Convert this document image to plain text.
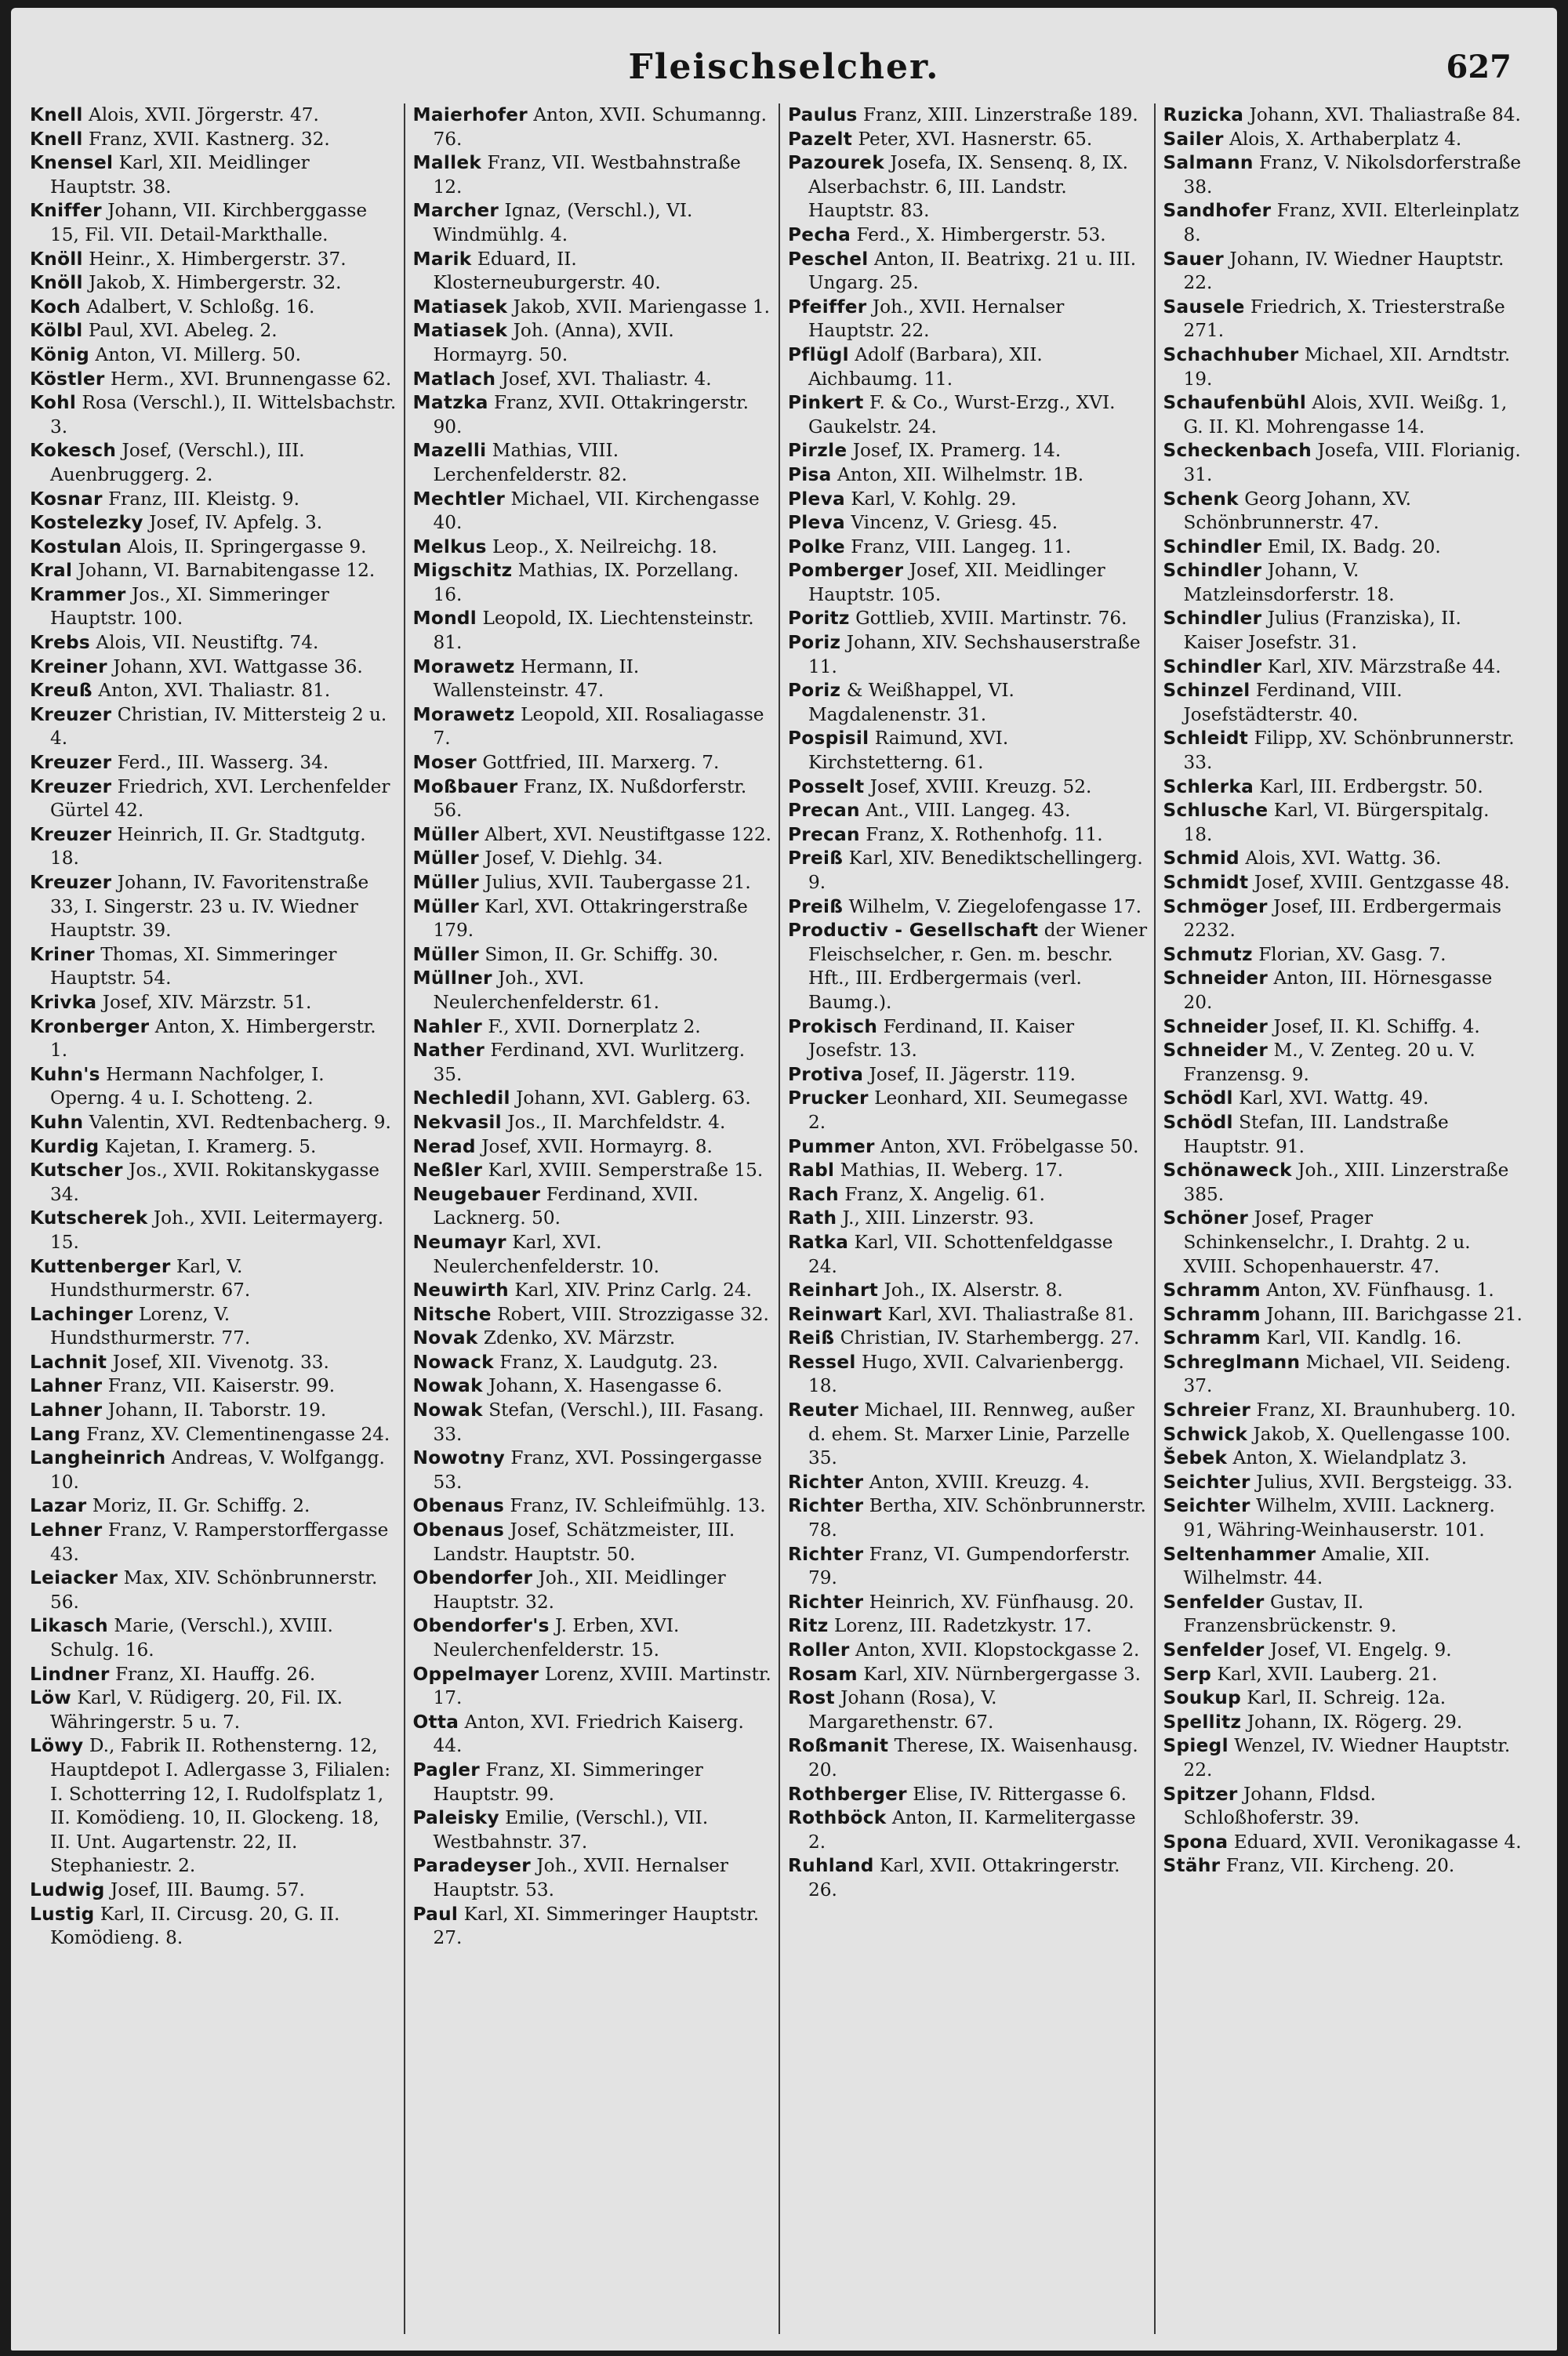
Fleischselcher.	627

Knell Alois, XVII. Jörgerstr. 47.

Knell Franz, XVII. Kastnerg. 32.

Knensel Karl, XII. Meidlinger Hauptstr. 38.

Kniffer Johann, VII. Kirchberggasse 15, Fil. VII. Detail-Markthalle.

Knöll Heinr., X. Himbergerstr. 37.

Knöll Jakob, X. Himbergerstr. 32.

Koch Adalbert, V. Schloßg. 16.

Kölbl Paul, XVI. Abeleg. 2.

König Anton, VI. Millerg. 50.

Köstler Herm., XVI. Brunnengasse 62.

Kohl Rosa (Verschl.), II. Wittelsbachstr. 3.

Kokesch Josef, (Verschl.), III. Auenbruggerg. 2.

Kosnar Franz, III. Kleistg. 9.

Kostelezky Josef, IV. Apfelg. 3.

Kostulan Alois, II. Springergasse 9.

Kral Johann, VI. Barnabitengasse 12.

Krammer Jos., XI. Simmeringer Hauptstr. 100.

Krebs Alois, VII. Neustiftg. 74.

Kreiner Johann, XVI. Wattgasse 36.

Kreuß Anton, XVI. Thaliastr. 81.

Kreuzer Christian, IV. Mittersteig 2 u. 4.

Kreuzer Ferd., III. Wasserg. 34.

Kreuzer Friedrich, XVI. Lerchenfelder Gürtel 42.

Kreuzer Heinrich, II. Gr. Stadtgutg. 18.

Kreuzer Johann, IV. Favoritenstraße 33, I. Singerstr. 23 u. IV. Wiedner Hauptstr. 39.

Kriner Thomas, XI. Simmeringer Hauptstr. 54.

Krivka Josef, XIV. Märzstr. 51.

Kronberger Anton, X. Himbergerstr. 1.

Kuhn's Hermann Nachfolger, I. Operng. 4 u. I. Schotteng. 2.

Kuhn Valentin, XVI. Redtenbacherg. 9.

Kurdig Kajetan, I. Kramerg. 5.

Kutscher Jos., XVII. Rokitanskygasse 34.

Kutscherek Joh., XVII. Leitermayerg. 15.

Kuttenberger Karl, V. Hundsthurmerstr. 67.

Lachinger Lorenz, V. Hundsthurmerstr. 77.

Lachnit Josef, XII. Vivenotg. 33.

Lahner Franz, VII. Kaiserstr. 99.

Lahner Johann, II. Taborstr. 19.

Lang Franz, XV. Clementinengasse 24.

Langheinrich Andreas, V. Wolfgangg. 10.

Lazar Moriz, II. Gr. Schiffg. 2.

Lehner Franz, V. Ramperstorffergasse 43.

Leiacker Max, XIV. Schönbrunnerstr. 56.

Likasch Marie, (Verschl.), XVIII. Schulg. 16.

Lindner Franz, XI. Hauffg. 26.

Löw Karl, V. Rüdigerg. 20, Fil. IX. Währingerstr. 5 u. 7.

Löwy D., Fabrik II. Rothensterng. 12, Hauptdepot I. Adlergasse 3, Filialen: I. Schotterring 12, I. Rudolfsplatz 1, II. Komödieng. 10, II. Glockeng. 18, II. Unt. Augartenstr. 22, II. Stephaniestr. 2.

Ludwig Josef, III. Baumg. 57.

Lustig Karl, II. Circusg. 20, G. II. Komödieng. 8.

Maierhofer Anton, XVII. Schumanng. 76.

Mallek Franz, VII. Westbahnstraße 12.

Marcher Ignaz, (Verschl.), VI. Windmühlg. 4.

Marik Eduard, II. Klosterneuburgerstr. 40.

Matiasek Jakob, XVII. Mariengasse 1.

Matiasek Joh. (Anna), XVII. Hormayrg. 50.

Matlach Josef, XVI. Thaliastr. 4.

Matzka Franz, XVII. Ottakringerstr. 90.

Mazelli Mathias, VIII. Lerchenfelderstr. 82.

Mechtler Michael, VII. Kirchengasse 40.

Melkus Leop., X. Neilreichg. 18.

Migschitz Mathias, IX. Porzellang. 16.

Mondl Leopold, IX. Liechtensteinstr. 81.

Morawetz Hermann, II. Wallensteinstr. 47.

Morawetz Leopold, XII. Rosaliagasse 7.

Moser Gottfried, III. Marxerg. 7.

Moßbauer Franz, IX. Nußdorferstr. 56.

Müller Albert, XVI. Neustiftgasse 122.

Müller Josef, V. Diehlg. 34.

Müller Julius, XVII. Taubergasse 21.

Müller Karl, XVI. Ottakringerstraße 179.

Müller Simon, II. Gr. Schiffg. 30.

Müllner Joh., XVI. Neulerchenfelderstr. 61.

Nahler F., XVII. Dornerplatz 2.

Nather Ferdinand, XVI. Wurlitzerg. 35.

Nechledil Johann, XVI. Gablerg. 63.

Nekvasil Jos., II. Marchfeldstr. 4.

Nerad Josef, XVII. Hormayrg. 8.

Neßler Karl, XVIII. Semperstraße 15.

Neugebauer Ferdinand, XVII. Lacknerg. 50.

Neumayr Karl, XVI. Neulerchenfelderstr. 10.

Neuwirth Karl, XIV. Prinz Carlg. 24.

Nitsche Robert, VIII. Strozzigasse 32.

Novak Zdenko, XV. Märzstr.

Nowack Franz, X. Laudgutg. 23.

Nowak Johann, X. Hasengasse 6.

Nowak Stefan, (Verschl.), III. Fasang. 33.

Nowotny Franz, XVI. Possingergasse 53.

Obenaus Franz, IV. Schleifmühlg. 13.

Obenaus Josef, Schätzmeister, III. Landstr. Hauptstr. 50.

Obendorfer Joh., XII. Meidlinger Hauptstr. 32.

Obendorfer's J. Erben, XVI. Neulerchenfelderstr. 15.

Oppelmayer Lorenz, XVIII. Martinstr. 17.

Otta Anton, XVI. Friedrich Kaiserg. 44.

Pagler Franz, XI. Simmeringer Hauptstr. 99.

Paleisky Emilie, (Verschl.), VII. Westbahnstr. 37.

Paradeyser Joh., XVII. Hernalser Hauptstr. 53.

Paul Karl, XI. Simmeringer Hauptstr. 27.

Paulus Franz, XIII. Linzerstraße 189.

Pazelt Peter, XVI. Hasnerstr. 65.

Pazourek Josefa, IX. Sensenq. 8, IX. Alserbachstr. 6, III. Landstr. Hauptstr. 83.

Pecha Ferd., X. Himbergerstr. 53.

Peschel Anton, II. Beatrixg. 21 u. III. Ungarg. 25.

Pfeiffer Joh., XVII. Hernalser Hauptstr. 22.

Pflügl Adolf (Barbara), XII. Aichbaumg. 11.

Pinkert F. & Co., Wurst-Erzg., XVI. Gaukelstr. 24.

Pirzle Josef, IX. Pramerg. 14.

Pisa Anton, XII. Wilhelmstr. 1B.

Pleva Karl, V. Kohlg. 29.

Pleva Vincenz, V. Griesg. 45.

Polke Franz, VIII. Langeg. 11.

Pomberger Josef, XII. Meidlinger Hauptstr. 105.

Poritz Gottlieb, XVIII. Martinstr. 76.

Poriz Johann, XIV. Sechshauserstraße 11.

Poriz & Weißhappel, VI. Magdalenenstr. 31.

Pospisil Raimund, XVI. Kirchstetterng. 61.

Posselt Josef, XVIII. Kreuzg. 52.

Precan Ant., VIII. Langeg. 43.

Precan Franz, X. Rothenhofg. 11.

Preiß Karl, XIV. Benediktschellingerg. 9.

Preiß Wilhelm, V. Ziegelofengasse 17.

Productiv - Gesellschaft der Wiener Fleischselcher, r. Gen. m. beschr. Hft., III. Erdbergermais (verl. Baumg.).

Prokisch Ferdinand, II. Kaiser Josefstr. 13.

Protiva Josef, II. Jägerstr. 119.

Prucker Leonhard, XII. Seumegasse 2.

Pummer Anton, XVI. Fröbelgasse 50.

Rabl Mathias, II. Weberg. 17.

Rach Franz, X. Angelig. 61.

Rath J., XIII. Linzerstr. 93.

Ratka Karl, VII. Schottenfeldgasse 24.

Reinhart Joh., IX. Alserstr. 8.

Reinwart Karl, XVI. Thaliastraße 81.

Reiß Christian, IV. Starhembergg. 27.

Ressel Hugo, XVII. Calvarienbergg. 18.

Reuter Michael, III. Rennweg, außer d. ehem. St. Marxer Linie, Parzelle 35.

Richter Anton, XVIII. Kreuzg. 4.

Richter Bertha, XIV. Schönbrunnerstr. 78.

Richter Franz, VI. Gumpendorferstr. 79.

Richter Heinrich, XV. Fünfhausg. 20.

Ritz Lorenz, III. Radetzkystr. 17.

Roller Anton, XVII. Klopstockgasse 2.

Rosam Karl, XIV. Nürnbergergasse 3.

Rost Johann (Rosa), V. Margarethenstr. 67.

Roßmanit Therese, IX. Waisenhausg. 20.

Rothberger Elise, IV. Rittergasse 6.

Rothböck Anton, II. Karmelitergasse 2.

Ruhland Karl, XVII. Ottakringerstr. 26.

Ruzicka Johann, XVI. Thaliastraße 84.

Sailer Alois, X. Arthaberplatz 4.

Salmann Franz, V. Nikolsdorferstraße 38.

Sandhofer Franz, XVII. Elterleinplatz 8.

Sauer Johann, IV. Wiedner Hauptstr. 22.

Sausele Friedrich, X. Triesterstraße 271.

Schachhuber Michael, XII. Arndtstr. 19.

Schaufenbühl Alois, XVII. Weißg. 1, G. II. Kl. Mohrengasse 14.

Scheckenbach Josefa, VIII. Florianig. 31.

Schenk Georg Johann, XV. Schönbrunnerstr. 47.

Schindler Emil, IX. Badg. 20.

Schindler Johann, V. Matzleinsdorferstr. 18.

Schindler Julius (Franziska), II. Kaiser Josefstr. 31.

Schindler Karl, XIV. Märzstraße 44.

Schinzel Ferdinand, VIII. Josefstädterstr. 40.

Schleidt Filipp, XV. Schönbrunnerstr. 33.

Schlerka Karl, III. Erdbergstr. 50.

Schlusche Karl, VI. Bürgerspitalg. 18.

Schmid Alois, XVI. Wattg. 36.

Schmidt Josef, XVIII. Gentzgasse 48.

Schmöger Josef, III. Erdbergermais 2232.

Schmutz Florian, XV. Gasg. 7.

Schneider Anton, III. Hörnesgasse 20.

Schneider Josef, II. Kl. Schiffg. 4.

Schneider M., V. Zenteg. 20 u. V. Franzensg. 9.

Schödl Karl, XVI. Wattg. 49.

Schödl Stefan, III. Landstraße Hauptstr. 91.

Schönaweck Joh., XIII. Linzerstraße 385.

Schöner Josef, Prager Schinkenselchr., I. Drahtg. 2 u. XVIII. Schopenhauerstr. 47.

Schramm Anton, XV. Fünfhausg. 1.

Schramm Johann, III. Barichgasse 21.

Schramm Karl, VII. Kandlg. 16.

Schreglmann Michael, VII. Seideng. 37.

Schreier Franz, XI. Braunhuberg. 10.

Schwick Jakob, X. Quellengasse 100.

Šebek Anton, X. Wielandplatz 3.

Seichter Julius, XVII. Bergsteigg. 33.

Seichter Wilhelm, XVIII. Lacknerg. 91, Währing-Weinhauserstr. 101.

Seltenhammer Amalie, XII. Wilhelmstr. 44.

Senfelder Gustav, II. Franzensbrückenstr. 9.

Senfelder Josef, VI. Engelg. 9.

Serp Karl, XVII. Lauberg. 21.

Soukup Karl, II. Schreig. 12a.

Spellitz Johann, IX. Rögerg. 29.

Spiegl Wenzel, IV. Wiedner Hauptstr. 22.

Spitzer Johann, Fldsd. Schloßhoferstr. 39.

Spona Eduard, XVII. Veronikagasse 4.

Stähr Franz, VII. Kircheng. 20.
